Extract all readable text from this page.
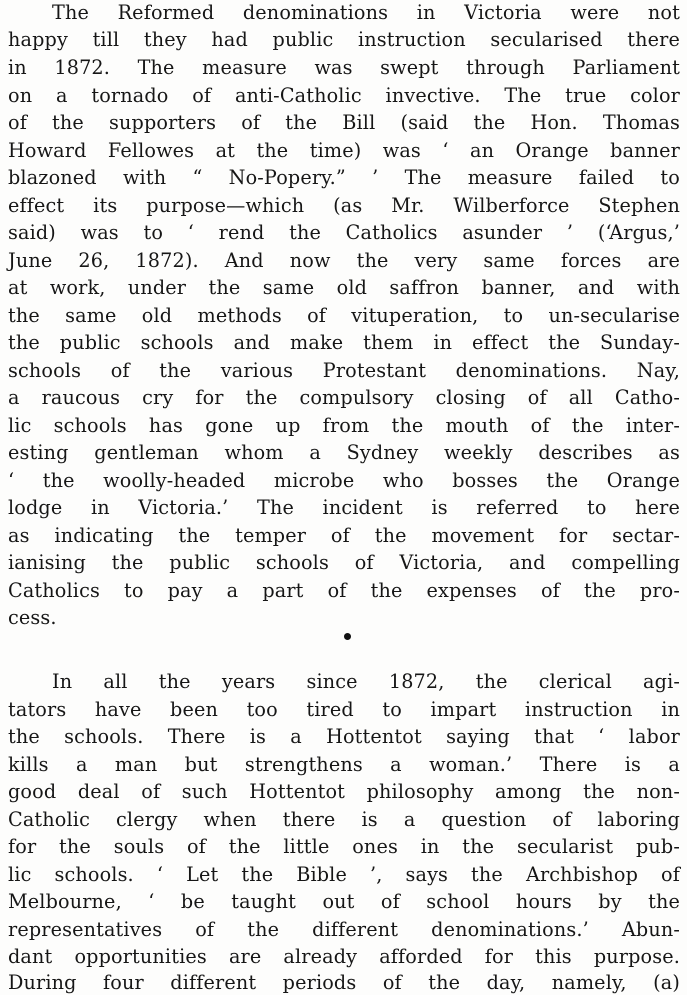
The Reformed denominations in Victoria were not
happy till they had public instruction secularised there
in 1872. The measure was swept through Parliament
on a tornado of anti-Catholic invective. The true color
of the supporters of the Bill (said the Hon. Thomas
Howard Fellowes at the time) was ‘ an Orange banner
blazoned with “ No-Popery.” ’ The measure failed to
effect its purpose—which (as Mr. Wilberforce Stephen
said) was to ‘ rend the Catholics asunder ’ (‘Argus,’
June 26, 1872). And now the very same forces are
at work, under the same old saffron banner, and with
the same old methods of vituperation, to un-secularise
the public schools and make them in effect the Sunday-
schools of the various Protestant denominations. Nay,
a raucous cry for the compulsory closing of all Catho-
lic schools has gone up from the mouth of the inter-
esting gentleman whom a Sydney weekly describes as
‘ the woolly-headed microbe who bosses the Orange
lodge in Victoria.’ The incident is referred to here
as indicating the temper of the movement for sectar-
ianising the public schools of Victoria, and compelling
Catholics to pay a part of the expenses of the pro-
cess.
In all the years since 1872, the clerical agi-
tators have been too tired to impart instruction in
the schools. There is a Hottentot saying that ‘ labor
kills a man but strengthens a woman.’ There is a
good deal of such Hottentot philosophy among the non-
Catholic clergy when there is a question of laboring
for the souls of the little ones in the secularist pub-
lic schools. ‘ Let the Bible ’, says the Archbishop of
Melbourne, ‘ be taught out of school hours by the
representatives of the different denominations.’ Abun-
dant opportunities are already afforded for this purpose.
During four different periods of the day, namely, (a)
